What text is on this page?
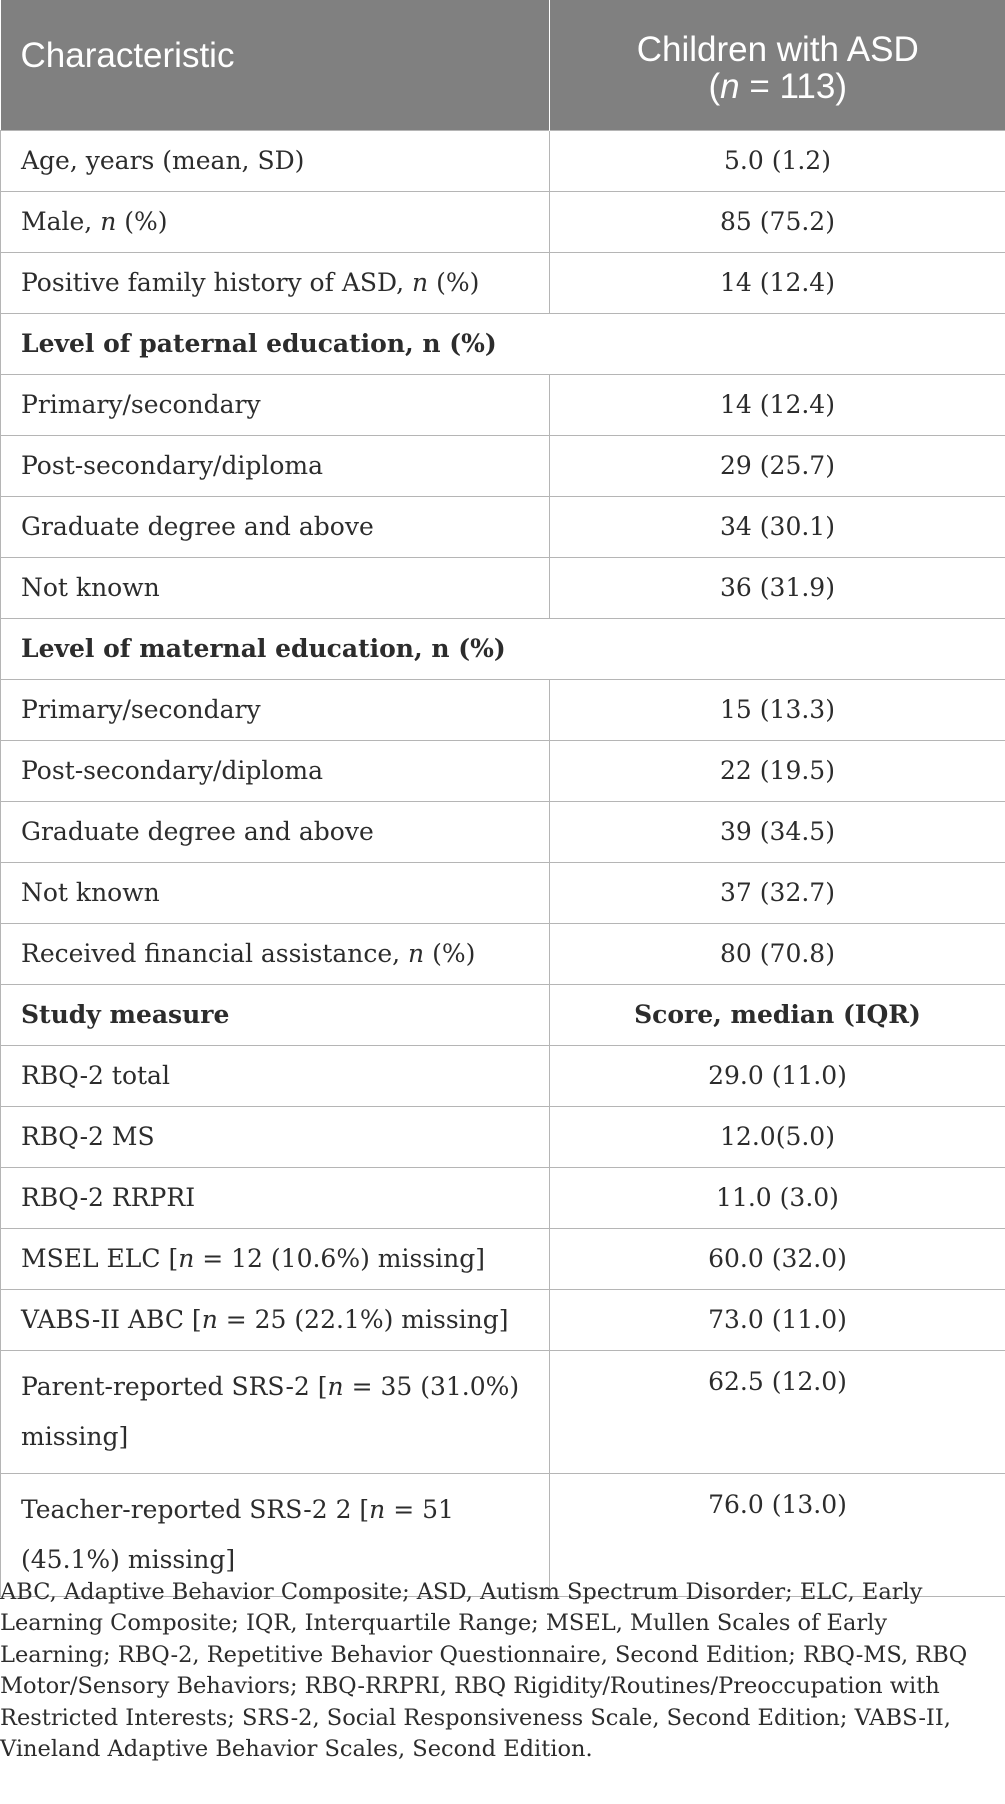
Characteristic	Children with ASD
(n = 113)
Age, years (mean, SD)	5.0 (1.2)
Male, n (%)	85 (75.2)
Positive family history of ASD, n (%)	14 (12.4)
Level of paternal education, n (%)	
Primary/secondary	14 (12.4)
Post-secondary/diploma	29 (25.7)
Graduate degree and above	34 (30.1)
Not known	36 (31.9)
Level of maternal education, n (%)	
Primary/secondary	15 (13.3)
Post-secondary/diploma	22 (19.5)
Graduate degree and above	39 (34.5)
Not known	37 (32.7)
Received financial assistance, n (%)	80 (70.8)
Study measure	Score, median (IQR)
RBQ-2 total	29.0 (11.0)
RBQ-2 MS	12.0(5.0)
RBQ-2 RRPRI	11.0 (3.0)
MSEL ELC [n = 12 (10.6%) missing]	60.0 (32.0)
VABS-II ABC [n = 25 (22.1%) missing]	73.0 (11.0)
Parent-reported SRS-2 [n = 35 (31.0%) missing]	62.5 (12.0)
Teacher-reported SRS-2 2 [n = 51 (45.1%) missing]	76.0 (13.0)
ABC, Adaptive Behavior Composite; ASD, Autism Spectrum Disorder; ELC, Early Learning Composite; IQR, Interquartile Range; MSEL, Mullen Scales of Early Learning; RBQ-2, Repetitive Behavior Questionnaire, Second Edition; RBQ-MS, RBQ Motor/Sensory Behaviors; RBQ-RRPRI, RBQ Rigidity/Routines/Preoccupation with Restricted Interests; SRS-2, Social Responsiveness Scale, Second Edition; VABS-II, Vineland Adaptive Behavior Scales, Second Edition.
